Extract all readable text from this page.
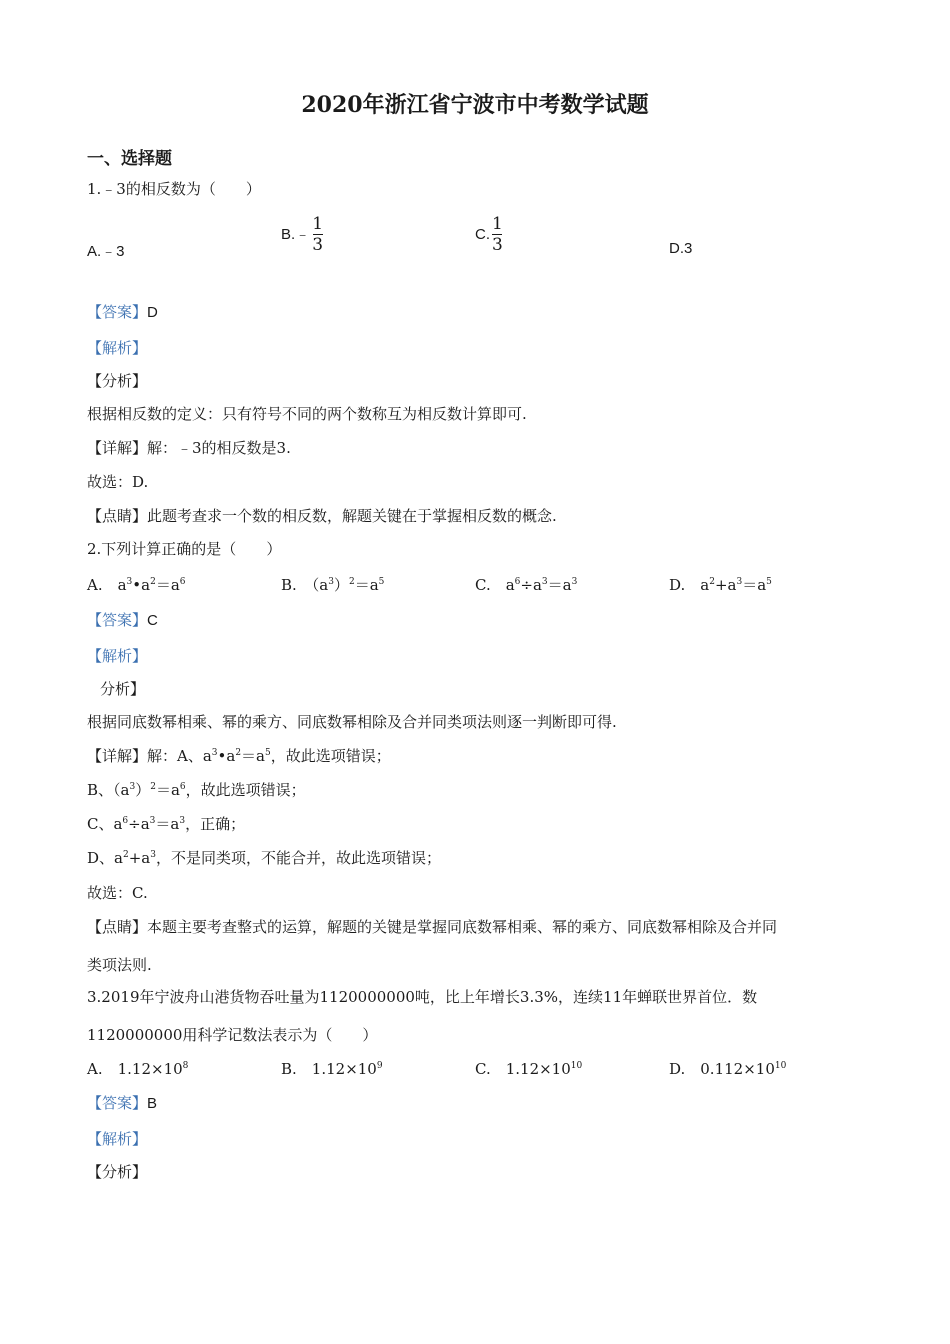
2020年浙江省宁波市中考数学试题
一、选择题
1.﹣3的相反数为（　　）
A.﹣3
B.﹣ $\frac{1}{3}$	C. $\frac{1}{3}$	D.3
【答案】D
【解析】
【分析】
根据相反数的定义：只有符号不同的两个数称互为相反数计算即可.
【详解】解：﹣3的相反数是3.
故选：D.
【点睛】此题考查求一个数的相反数，解题关键在于掌握相反数的概念.
2.下列计算正确的是（　　）
A.　$a^3•a^2=a^6$	B.　$(a^3)^2=a^5$	C.　$a^6\div a^3=a^3$	D.　$a^2+a^3=a^5$
【答案】C
【解析】
分析】
根据同底数幂相乘、幂的乘方、同底数幂相除及合并同类项法则逐一判断即可得.
【详解】解：A、$a^3•a^2=a^5$，故此选项错误；
B、$(a^3)^2=a^6$，故此选项错误；
C、$a^6\div a^3=a^3$，正确；
D、$a^2+a^3$，不是同类项，不能合并，故此选项错误；
故选：C.
【点睛】本题主要考查整式的运算，解题的关键是掌握同底数幂相乘、幂的乘方、同底数幂相除及合并同
类项法则.
3.2019年宁波舟山港货物吞吐量为1120000000吨，比上年增长3.3%，连续11年蝉联世界首位．数
1120000000用科学记数法表示为（　　）
A.　$1.12\times 10^8$	B.　$1.12\times 10^9$	C.　$1.12\times 10^{10}$	D.　$0.112\times 10^{10}$
【答案】B
【解析】
【分析】
